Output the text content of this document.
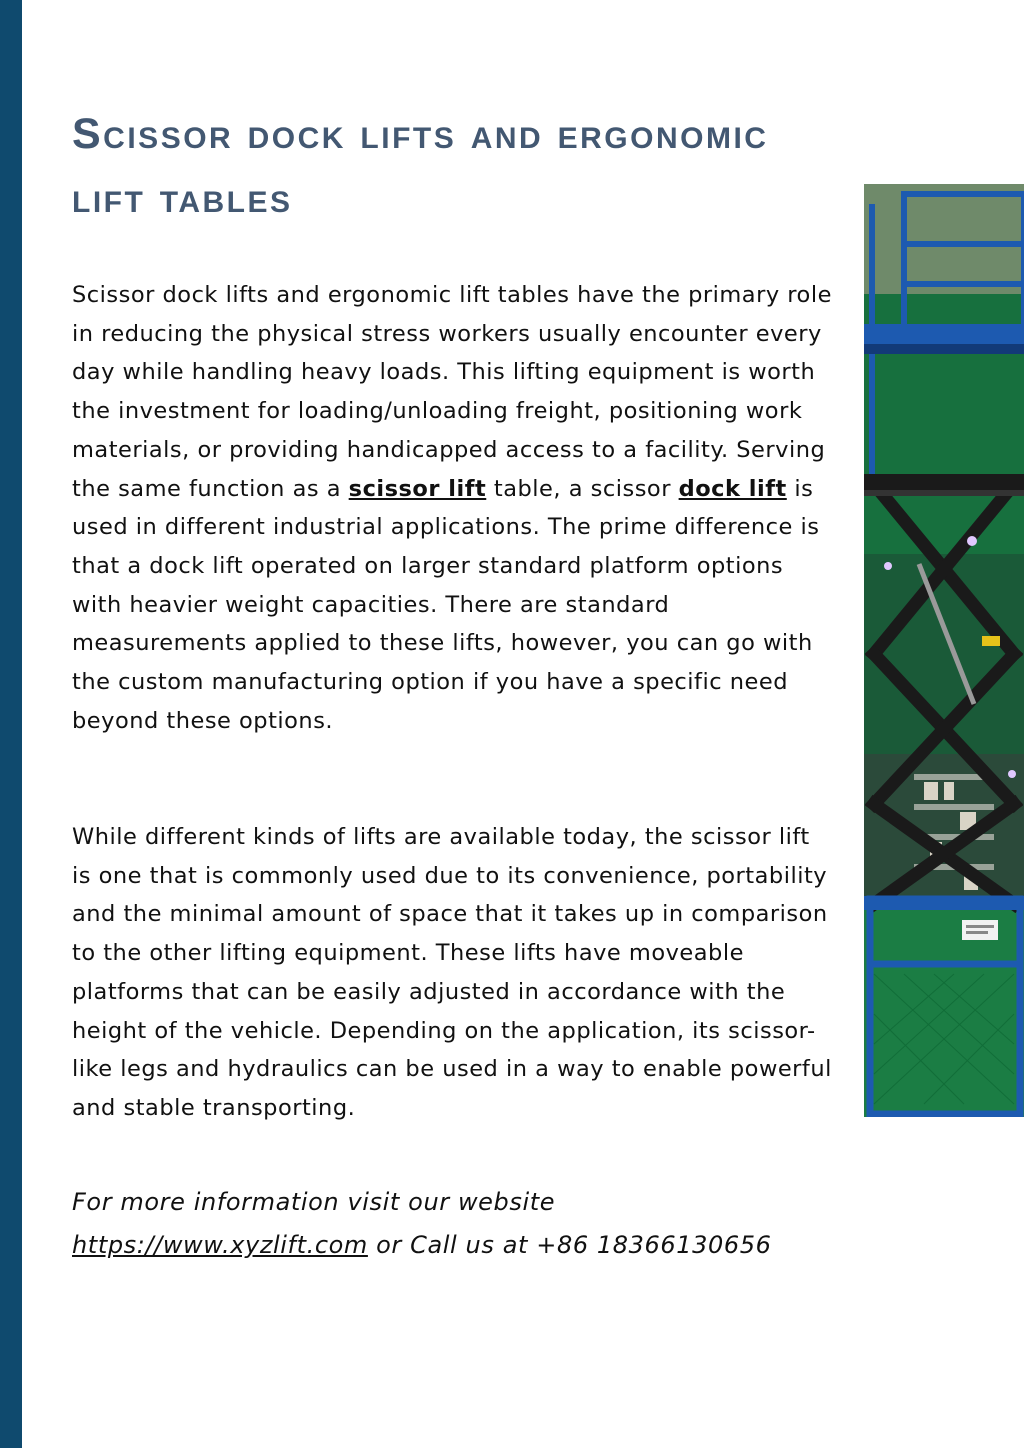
Scissor dock lifts and ergonomic lift tables

Scissor dock lifts and ergonomic lift tables have the primary role in reducing the physical stress workers usually encounter every day while handling heavy loads. This lifting equipment is worth the investment for loading/unloading freight, positioning work materials, or providing handicapped access to a facility. Serving the same function as a scissor lift table, a scissor dock lift is used in different industrial applications. The prime difference is that a dock lift operated on larger standard platform options with heavier weight capacities. There are standard measurements applied to these lifts, however, you can go with the custom manufacturing option if you have a specific need beyond these options.

While different kinds of lifts are available today, the scissor lift is one that is commonly used due to its convenience, portability and the minimal amount of space that it takes up in comparison to the other lifting equipment. These lifts have moveable platforms that can be easily adjusted in accordance with the height of the vehicle. Depending on the application, its scissor-like legs and hydraulics can be used in a way to enable powerful and stable transporting.

For more information visit our website
https://www.xyzlift.com or Call us at +86 18366130656
